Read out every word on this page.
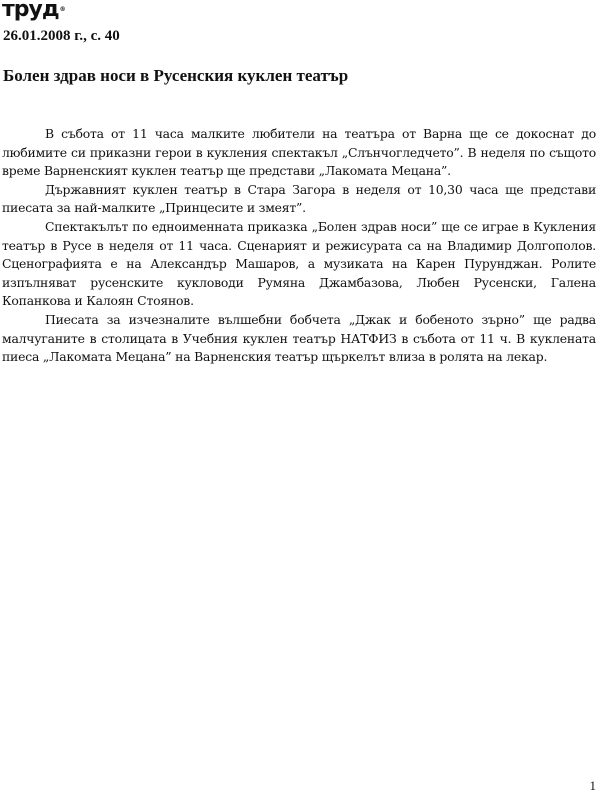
труд®
26.01.2008 г., с. 40
Болен здрав носи в Русенския куклен театър

В събота от 11 часа малките любители на театъра от Варна ще се докоснат до любимите си приказни герои в кукления спектакъл „Слънчогледчето”. В неделя по същото време Варненският куклен театър ще представи „Лакомата Мецана”.

Държавният куклен театър в Стара Загора в неделя от 10,30 часа ще представи пиесата за най-малките „Принцесите и змеят”.

Спектакълът по едноименната приказка „Болен здрав носи” ще се играе в Кукления театър в Русе в неделя от 11 часа. Сценарият и режисурата са на Владимир Долгополов. Сценографията е на Александър Машаров, а музиката на Карен Пурунджан. Ролите изпълняват русенските кукловоди Румяна Джамбазова, Любен Русенски, Галена Копанкова и Калоян Стоянов.

Пиесата за изчезналите вълшебни бобчета „Джак и бобеното зърно” ще радва малчуганите в столицата в Учебния куклен театър НАТФИЗ в събота от 11 ч. В куклената пиеса „Лакомата Мецана” на Варненския театър щъркелът влиза в ролята на лекар.

1
